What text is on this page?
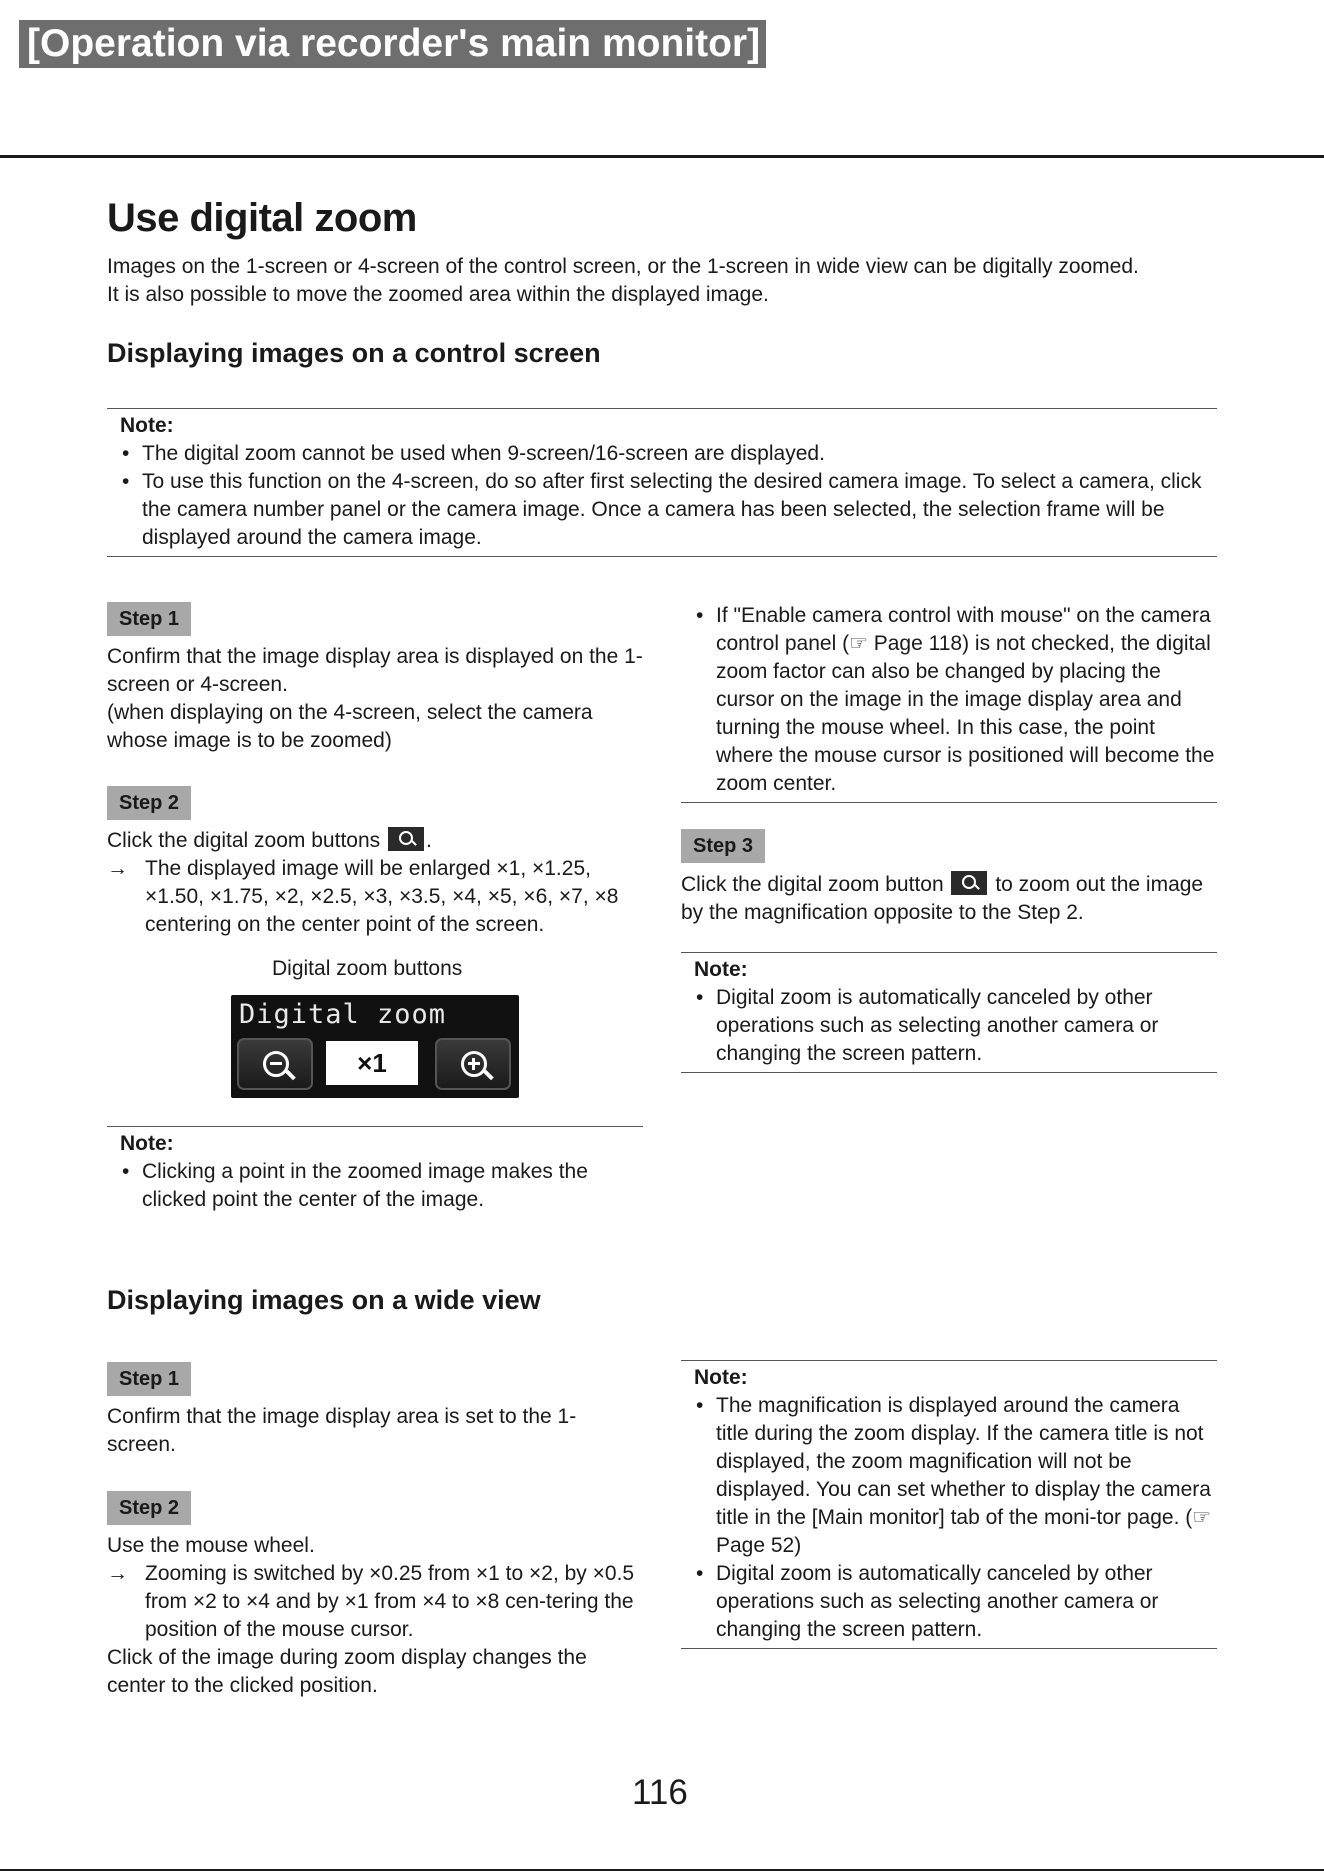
[Operation via recorder's main monitor]
Use digital zoom
Images on the 1-screen or 4-screen of the control screen, or the 1-screen in wide view can be digitally zoomed.
It is also possible to move the zoomed area within the displayed image.
Displaying images on a control screen
Note:
• The digital zoom cannot be used when 9-screen/16-screen are displayed.
• To use this function on the 4-screen, do so after first selecting the desired camera image. To select a camera, click the camera number panel or the camera image. Once a camera has been selected, the selection frame will be displayed around the camera image.
Step 1

Confirm that the image display area is displayed on the 1-screen or 4-screen.

(when displaying on the 4-screen, select the camera whose image is to be zoomed)

Step 2

Click the digital zoom buttons .

→ The displayed image will be enlarged ×1, ×1.25, ×1.50, ×1.75, ×2, ×2.5, ×3, ×3.5, ×4, ×5, ×6, ×7, ×8 centering on the center point of the screen.

Digital zoom buttons
Digital zoom
×1
Note:
• Clicking a point in the zoomed image makes the clicked point the center of the image.
• If "Enable camera control with mouse" on the camera control panel (☞ Page 118) is not checked, the digital zoom factor can also be changed by placing the cursor on the image in the image display area and turning the mouse wheel. In this case, the point where the mouse cursor is positioned will become the zoom center.
Step 3

Click the digital zoom button to zoom out the image by the magnification opposite to the Step 2.

Note:
• Digital zoom is automatically canceled by other operations such as selecting another camera or changing the screen pattern.
Displaying images on a wide view
Step 1

Confirm that the image display area is set to the 1-screen.

Step 2

Use the mouse wheel.

→ Zooming is switched by ×0.25 from ×1 to ×2, by ×0.5 from ×2 to ×4 and by ×1 from ×4 to ×8 cen-tering the position of the mouse cursor.

Click of the image during zoom display changes the center to the clicked position.

Note:
• The magnification is displayed around the camera title during the zoom display. If the camera title is not displayed, the zoom magnification will not be displayed. You can set whether to display the camera title in the [Main monitor] tab of the moni-tor page. (☞ Page 52)
• Digital zoom is automatically canceled by other operations such as selecting another camera or changing the screen pattern.
116
